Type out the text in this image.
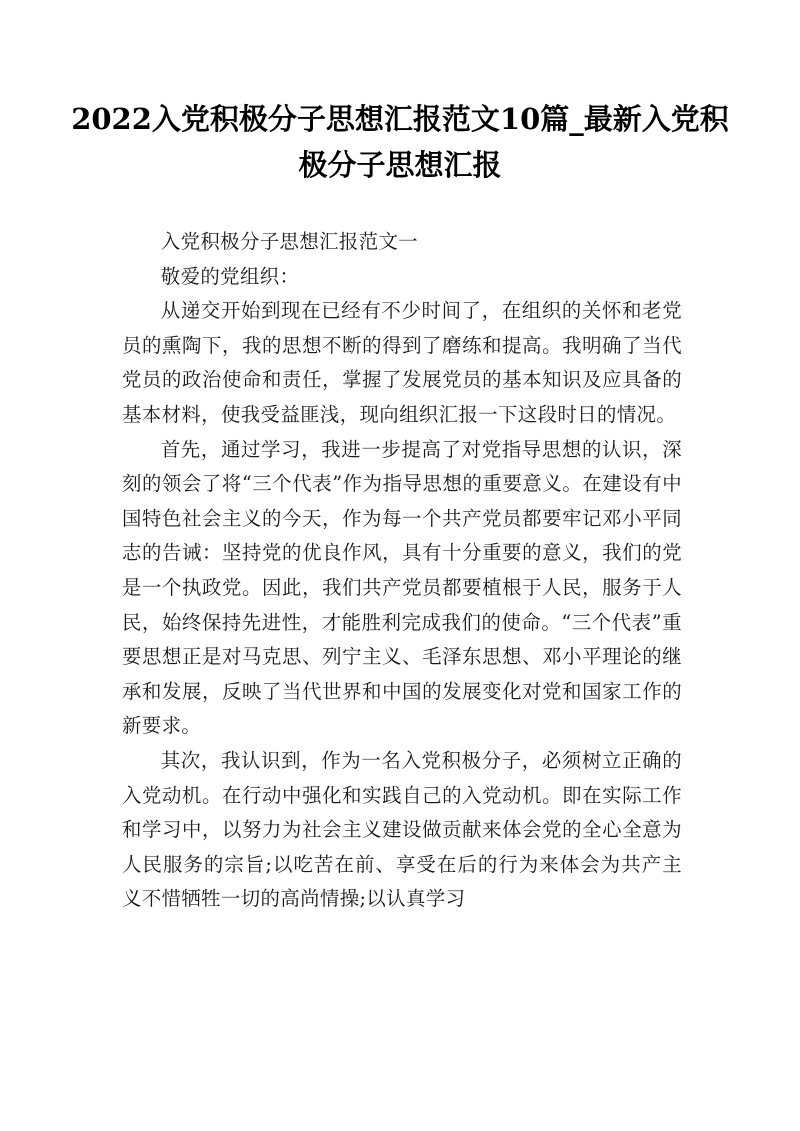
2022入党积极分子思想汇报范文10篇_最新入党积极分子思想汇报

入党积极分子思想汇报范文一

敬爱的党组织：

从递交开始到现在已经有不少时间了，在组织的关怀和老党员的熏陶下，我的思想不断的得到了磨练和提高。我明确了当代党员的政治使命和责任，掌握了发展党员的基本知识及应具备的基本材料，使我受益匪浅，现向组织汇报一下这段时日的情况。

首先，通过学习，我进一步提高了对党指导思想的认识，深刻的领会了将“三个代表”作为指导思想的重要意义。在建设有中国特色社会主义的今天，作为每一个共产党员都要牢记邓小平同志的告诫：坚持党的优良作风，具有十分重要的意义，我们的党是一个执政党。因此，我们共产党员都要植根于人民，服务于人民，始终保持先进性，才能胜利完成我们的使命。“三个代表”重要思想正是对马克思、列宁主义、毛泽东思想、邓小平理论的继承和发展，反映了当代世界和中国的发展变化对党和国家工作的新要求。

其次，我认识到，作为一名入党积极分子，必须树立正确的入党动机。在行动中强化和实践自己的入党动机。即在实际工作和学习中，以努力为社会主义建设做贡献来体会党的全心全意为人民服务的宗旨;以吃苦在前、享受在后的行为来体会为共产主义不惜牺牲一切的高尚情操;以认真学习
